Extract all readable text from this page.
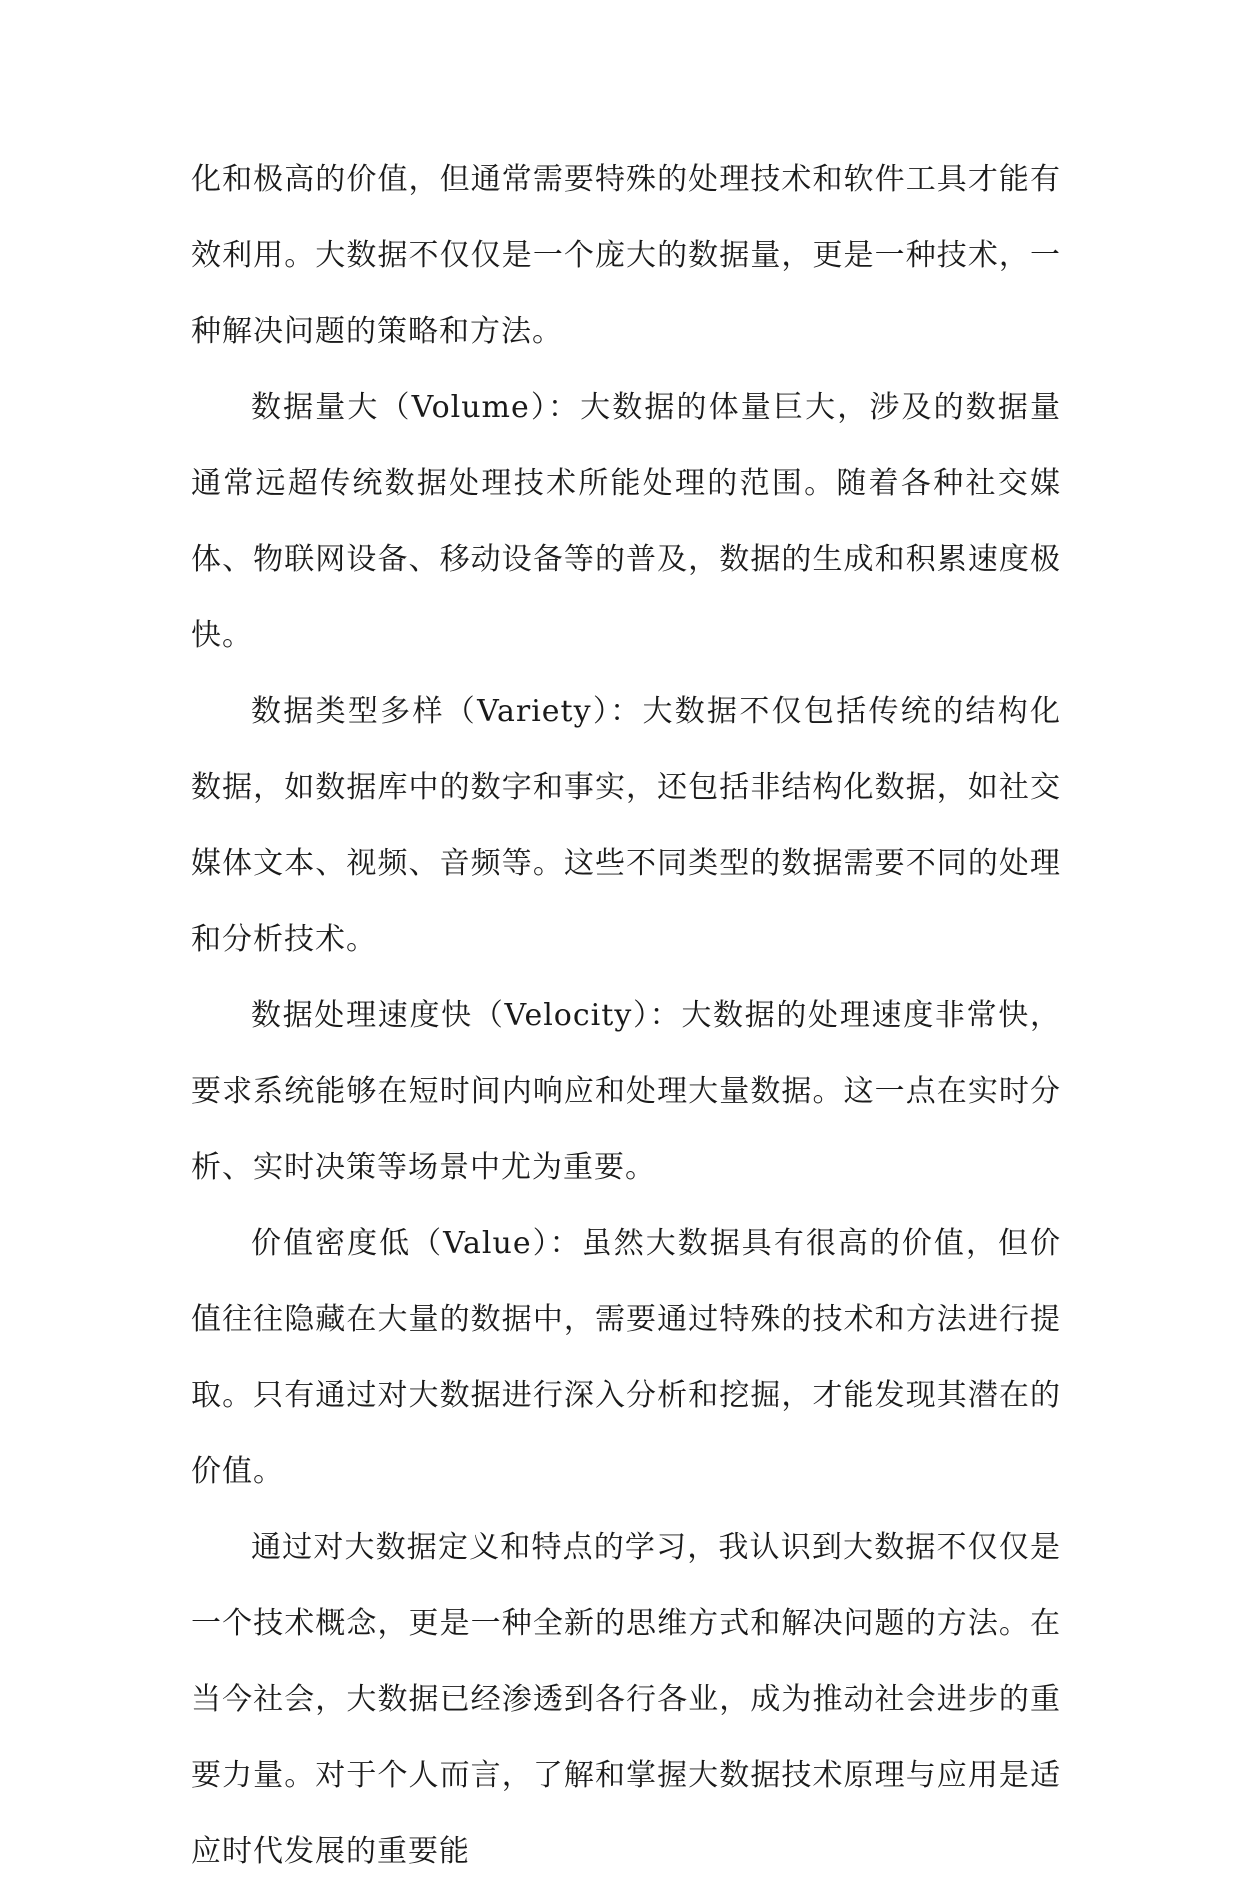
化和极高的价值，但通常需要特殊的处理技术和软件工具才能有效利用。大数据不仅仅是一个庞大的数据量，更是一种技术，一种解决问题的策略和方法。

数据量大（Volume）：大数据的体量巨大，涉及的数据量通常远超传统数据处理技术所能处理的范围。随着各种社交媒体、物联网设备、移动设备等的普及，数据的生成和积累速度极快。

数据类型多样（Variety）：大数据不仅包括传统的结构化数据，如数据库中的数字和事实，还包括非结构化数据，如社交媒体文本、视频、音频等。这些不同类型的数据需要不同的处理和分析技术。

数据处理速度快（Velocity）：大数据的处理速度非常快，要求系统能够在短时间内响应和处理大量数据。这一点在实时分析、实时决策等场景中尤为重要。

价值密度低（Value）：虽然大数据具有很高的价值，但价值往往隐藏在大量的数据中，需要通过特殊的技术和方法进行提取。只有通过对大数据进行深入分析和挖掘，才能发现其潜在的价值。

通过对大数据定义和特点的学习，我认识到大数据不仅仅是一个技术概念，更是一种全新的思维方式和解决问题的方法。在当今社会，大数据已经渗透到各行各业，成为推动社会进步的重要力量。对于个人而言，了解和掌握大数据技术原理与应用是适应时代发展的重要能
